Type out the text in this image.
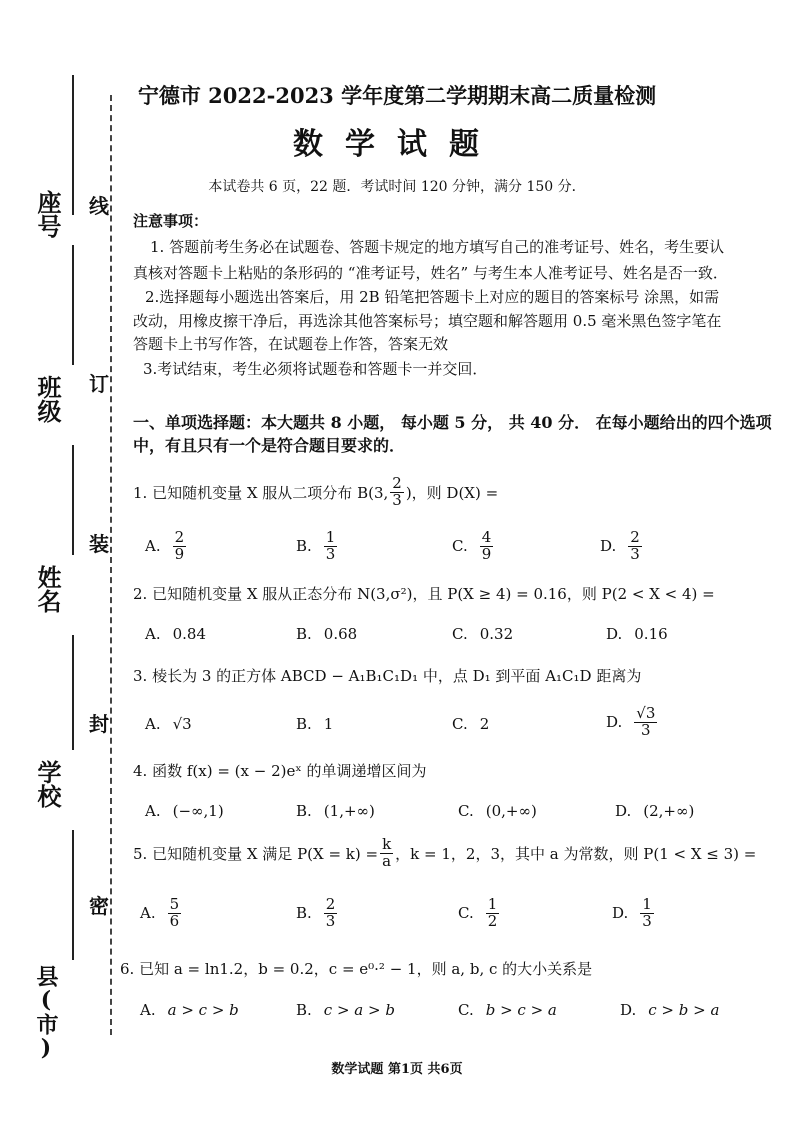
座号
班级
姓名
学校
县(市)
线
订
装
封
密
宁德市 2022-2023 学年度第二学期期末高二质量检测
数学试题
本试卷共 6 页，22 题．考试时间 120 分钟，满分 150 分．
注意事项：
1. 答题前考生务必在试题卷、答题卡规定的地方填写自己的准考证号、姓名，考生要认
真核对答题卡上粘贴的条形码的 “准考证号，姓名” 与考生本人准考证号、姓名是否一致．
2.选择题每小题选出答案后，用 2B 铅笔把答题卡上对应的题目的答案标号 涂黑，如需
改动，用橡皮擦干净后，再选涂其他答案标号；填空题和解答题用 0.5 毫米黑色签字笔在
答题卡上书写作答，在试题卷上作答，答案无效
3.考试结束，考生必须将试题卷和答题卡一并交回．
一、单项选择题：本大题共 8 小题， 每小题 5 分， 共 40 分． 在每小题给出的四个选项
中，有且只有一个是符合题目要求的．
1. 已知随机变量 X 服从二项分布 B(3, $\frac{2}{3}$ )，则 D(X) =
A. $\frac{2}{9}$	B. $\frac{1}{3}$	C. $\frac{4}{9}$	D. $\frac{2}{3}$
2. 已知随机变量 X 服从正态分布 N(3,σ²)，且 P(X ≥ 4) = 0.16，则 P(2 < X < 4) =
A. 0.84	B. 0.68	C. 0.32	D. 0.16
3. 棱长为 3 的正方体 ABCD − A₁B₁C₁D₁ 中，点 D₁ 到平面 A₁C₁D 距离为
A. √3	B. 1	C. 2	D. $\frac{√3}{3}$
4. 函数 f(x) = (x − 2)eˣ 的单调递增区间为
A. (−∞,1)	B. (1,+∞)	C. (0,+∞)	D. (2,+∞)
5. 已知随机变量 X 满足 $P(X = k) = \frac{k}{a}$ ，k = 1，2，3，其中 a 为常数，则 P(1 < X ≤ 3) =
A. $\frac{5}{6}$	B. $\frac{2}{3}$	C. $\frac{1}{2}$	D. $\frac{1}{3}$
6. 已知 a = ln1.2，b = 0.2，c = e⁰·² − 1，则 a, b, c 的大小关系是
A. a > c > b	B. c > a > b	C. b > c > a	D. c > b > a
数学试题 第1页 共6页
